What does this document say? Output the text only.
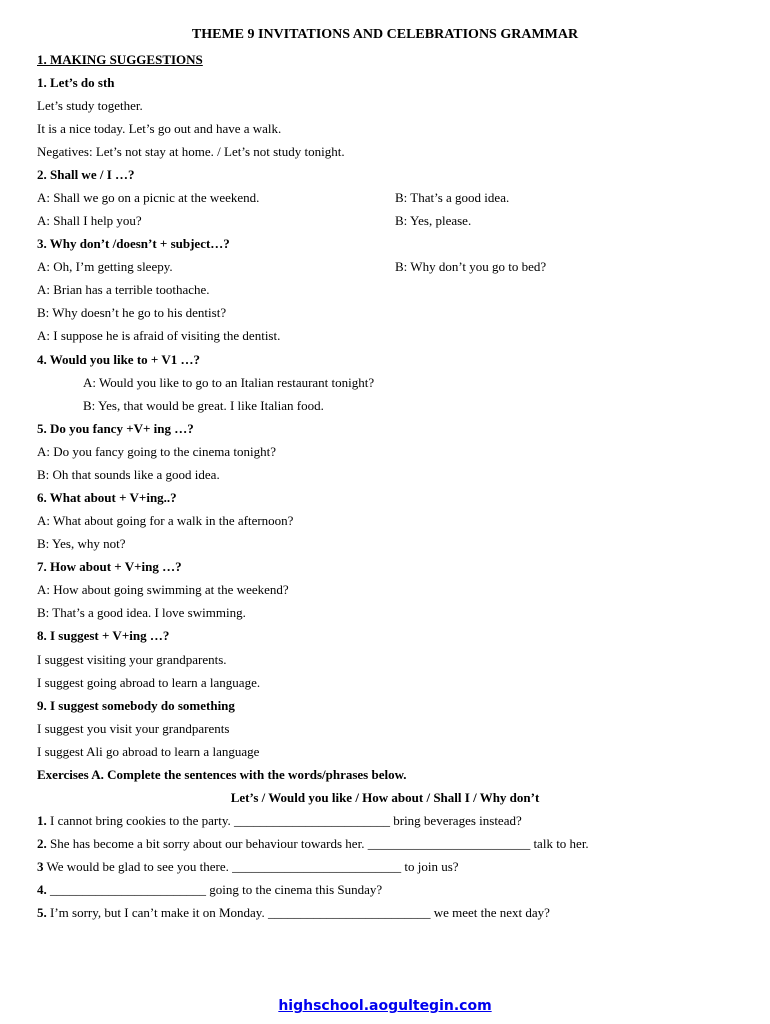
THEME 9 INVITATIONS AND CELEBRATIONS GRAMMAR
1. MAKING SUGGESTIONS
1. Let’s do sth
Let’s study together.
It is a nice today. Let’s go out and have a walk.
Negatives: Let’s not stay at home. / Let’s not study tonight.
2. Shall we / I …?
A: Shall we go on a picnic at the weekend.	B: That’s a good idea.
A: Shall I help you?	B: Yes, please.
3. Why don’t /doesn’t + subject…?
A: Oh, I’m getting sleepy.	B: Why don’t you go to bed?
A: Brian has a terrible toothache.
B: Why doesn’t he go to his dentist?
A: I suppose he is afraid of visiting the dentist.
4. Would you like to + V1 …?
A: Would you like to go to an Italian restaurant tonight?
B: Yes, that would be great. I like Italian food.
5. Do you fancy +V+ ing …?
A: Do you fancy going to the cinema tonight?
B: Oh that sounds like a good idea.
6. What about + V+ing..?
A: What about going for a walk in the afternoon?
B: Yes, why not?
7. How about + V+ing …?
A: How about going swimming at the weekend?
B: That’s a good idea. I love swimming.
8. I suggest + V+ing …?
I suggest visiting your grandparents.
I suggest going abroad to learn a language.
9. I suggest somebody do something
I suggest you visit your grandparents
I suggest Ali go abroad to learn a language
Exercises A. Complete the sentences with the words/phrases below.
Let’s / Would you like / How about / Shall I / Why don’t
1. I cannot bring cookies to the party. ________________________ bring beverages instead?
2. She has become a bit sorry about our behaviour towards her. _________________________ talk to her.
3 We would be glad to see you there. __________________________ to join us?
4. ________________________ going to the cinema this Sunday?
5. I’m sorry, but I can’t make it on Monday. _________________________ we meet the next day?
highschool.aogultegin.com
